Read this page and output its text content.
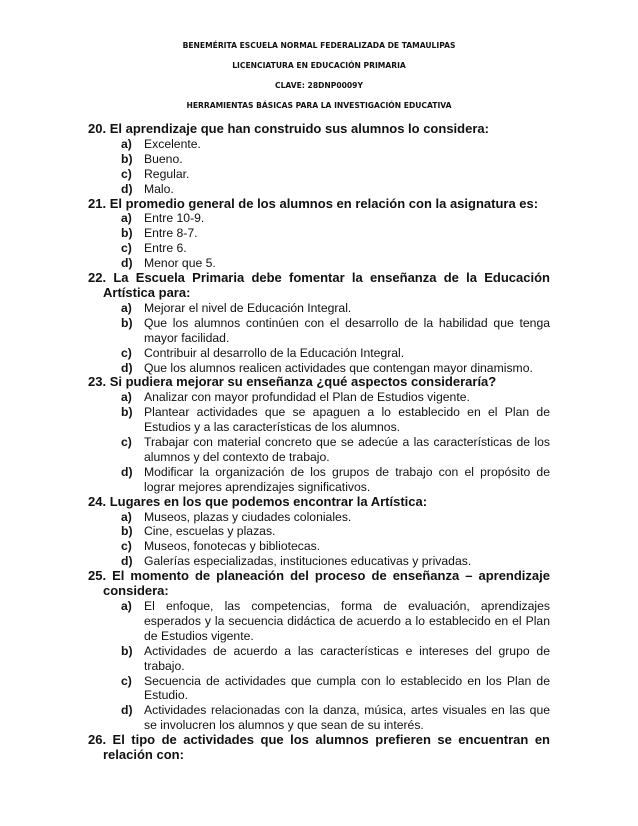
BENEMÉRITA ESCUELA NORMAL FEDERALIZADA DE TAMAULIPAS
LICENCIATURA EN EDUCACIÓN PRIMARIA
CLAVE: 28DNP0009Y
HERRAMIENTAS BÁSICAS PARA LA INVESTIGACIÓN EDUCATIVA
20. El aprendizaje que han construido sus alumnos lo considera:
a) Excelente.
b) Bueno.
c) Regular.
d) Malo.
21. El promedio general de los alumnos en relación con la asignatura es:
a) Entre 10-9.
b) Entre 8-7.
c) Entre 6.
d) Menor que 5.
22. La Escuela Primaria debe fomentar la enseñanza de la Educación Artística para:
a) Mejorar el nivel de Educación Integral.
b) Que los alumnos continúen con el desarrollo de la habilidad que tenga mayor facilidad.
c) Contribuir al desarrollo de la Educación Integral.
d) Que los alumnos realicen actividades que contengan mayor dinamismo.
23. Si pudiera mejorar su enseñanza ¿qué aspectos consideraría?
a) Analizar con mayor profundidad el Plan de Estudios vigente.
b) Plantear actividades que se apaguen a lo establecido en el Plan de Estudios y a las características de los alumnos.
c) Trabajar con material concreto que se adecúe a las características de los alumnos y del contexto de trabajo.
d) Modificar la organización de los grupos de trabajo con el propósito de lograr mejores aprendizajes significativos.
24. Lugares en los que podemos encontrar la Artística:
a) Museos, plazas y ciudades coloniales.
b) Cine, escuelas y plazas.
c) Museos, fonotecas y bibliotecas.
d) Galerías especializadas, instituciones educativas y privadas.
25. El momento de planeación del proceso de enseñanza – aprendizaje considera:
a) El enfoque, las competencias, forma de evaluación, aprendizajes esperados y la secuencia didáctica de acuerdo a lo establecido en el Plan de Estudios vigente.
b) Actividades de acuerdo a las características e intereses del grupo de trabajo.
c) Secuencia de actividades que cumpla con lo establecido en los Plan de Estudio.
d) Actividades relacionadas con la danza, música, artes visuales en las que se involucren los alumnos y que sean de su interés.
26. El tipo de actividades que los alumnos prefieren se encuentran en relación con:
